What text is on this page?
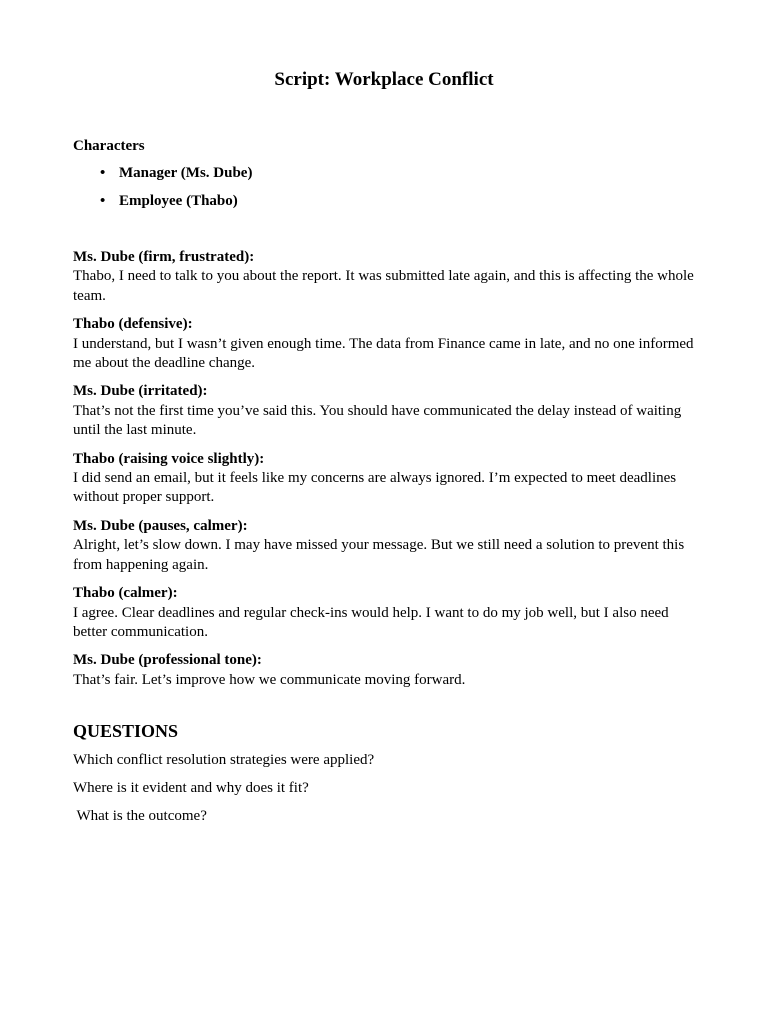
Script: Workplace Conflict
Characters
• Manager (Ms. Dube)
• Employee (Thabo)
Ms. Dube (firm, frustrated):
Thabo, I need to talk to you about the report. It was submitted late again, and this is affecting the whole team.
Thabo (defensive):
I understand, but I wasn’t given enough time. The data from Finance came in late, and no one informed me about the deadline change.
Ms. Dube (irritated):
That’s not the first time you’ve said this. You should have communicated the delay instead of waiting until the last minute.
Thabo (raising voice slightly):
I did send an email, but it feels like my concerns are always ignored. I’m expected to meet deadlines without proper support.
Ms. Dube (pauses, calmer):
Alright, let’s slow down. I may have missed your message. But we still need a solution to prevent this from happening again.
Thabo (calmer):
I agree. Clear deadlines and regular check-ins would help. I want to do my job well, but I also need better communication.
Ms. Dube (professional tone):
That’s fair. Let’s improve how we communicate moving forward.
QUESTIONS
Which conflict resolution strategies were applied?
Where is it evident and why does it fit?
What is the outcome?
